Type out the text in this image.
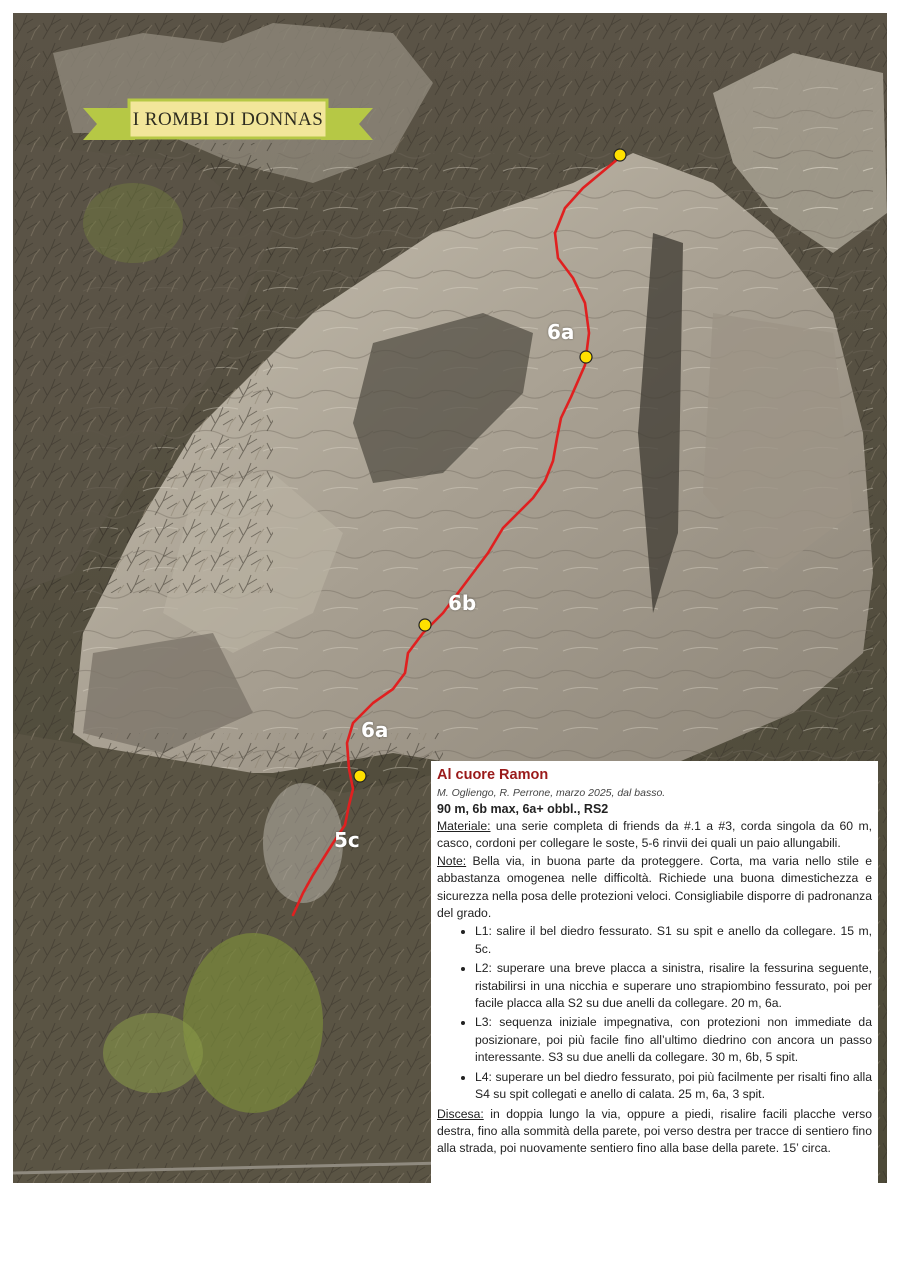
6a
6b
6a
5c
I ROMBI DI DONNAS
Al cuore Ramon
M. Ogliengo, R. Perrone, marzo 2025, dal basso.
90 m, 6b max, 6a+ obbl., RS2

Materiale: una serie completa di friends da #.1 a #3, corda singola da 60 m, casco, cordoni per collegare le soste, 5-6 rinvii dei quali un paio allungabili.

Note: Bella via, in buona parte da proteggere. Corta, ma varia nello stile e abbastanza omogenea nelle difficoltà. Richiede una buona dimestichezza e sicurezza nella posa delle protezioni veloci. Consigliabile disporre di padronanza del grado.

• L1: salire il bel diedro fessurato. S1 su spit e anello da collegare. 15 m, 5c.
• L2: superare una breve placca a sinistra, risalire la fessurina seguente, ristabilirsi in una nicchia e superare uno strapiombino fessurato, poi per facile placca alla S2 su due anelli da collegare. 20 m, 6a.
• L3: sequenza iniziale impegnativa, con protezioni non immediate da posizionare, poi più facile fino all’ultimo diedrino con ancora un passo interessante. S3 su due anelli da collegare. 30 m, 6b, 5 spit.
• L4: superare un bel diedro fessurato, poi più facilmente per risalti fino alla S4 su spit collegati e anello di calata. 25 m, 6a, 3 spit.

Discesa: in doppia lungo la via, oppure a piedi, risalire facili placche verso destra, fino alla sommità della parete, poi verso destra per tracce di sentiero fino alla strada, poi nuovamente sentiero fino alla base della parete. 15’ circa.
